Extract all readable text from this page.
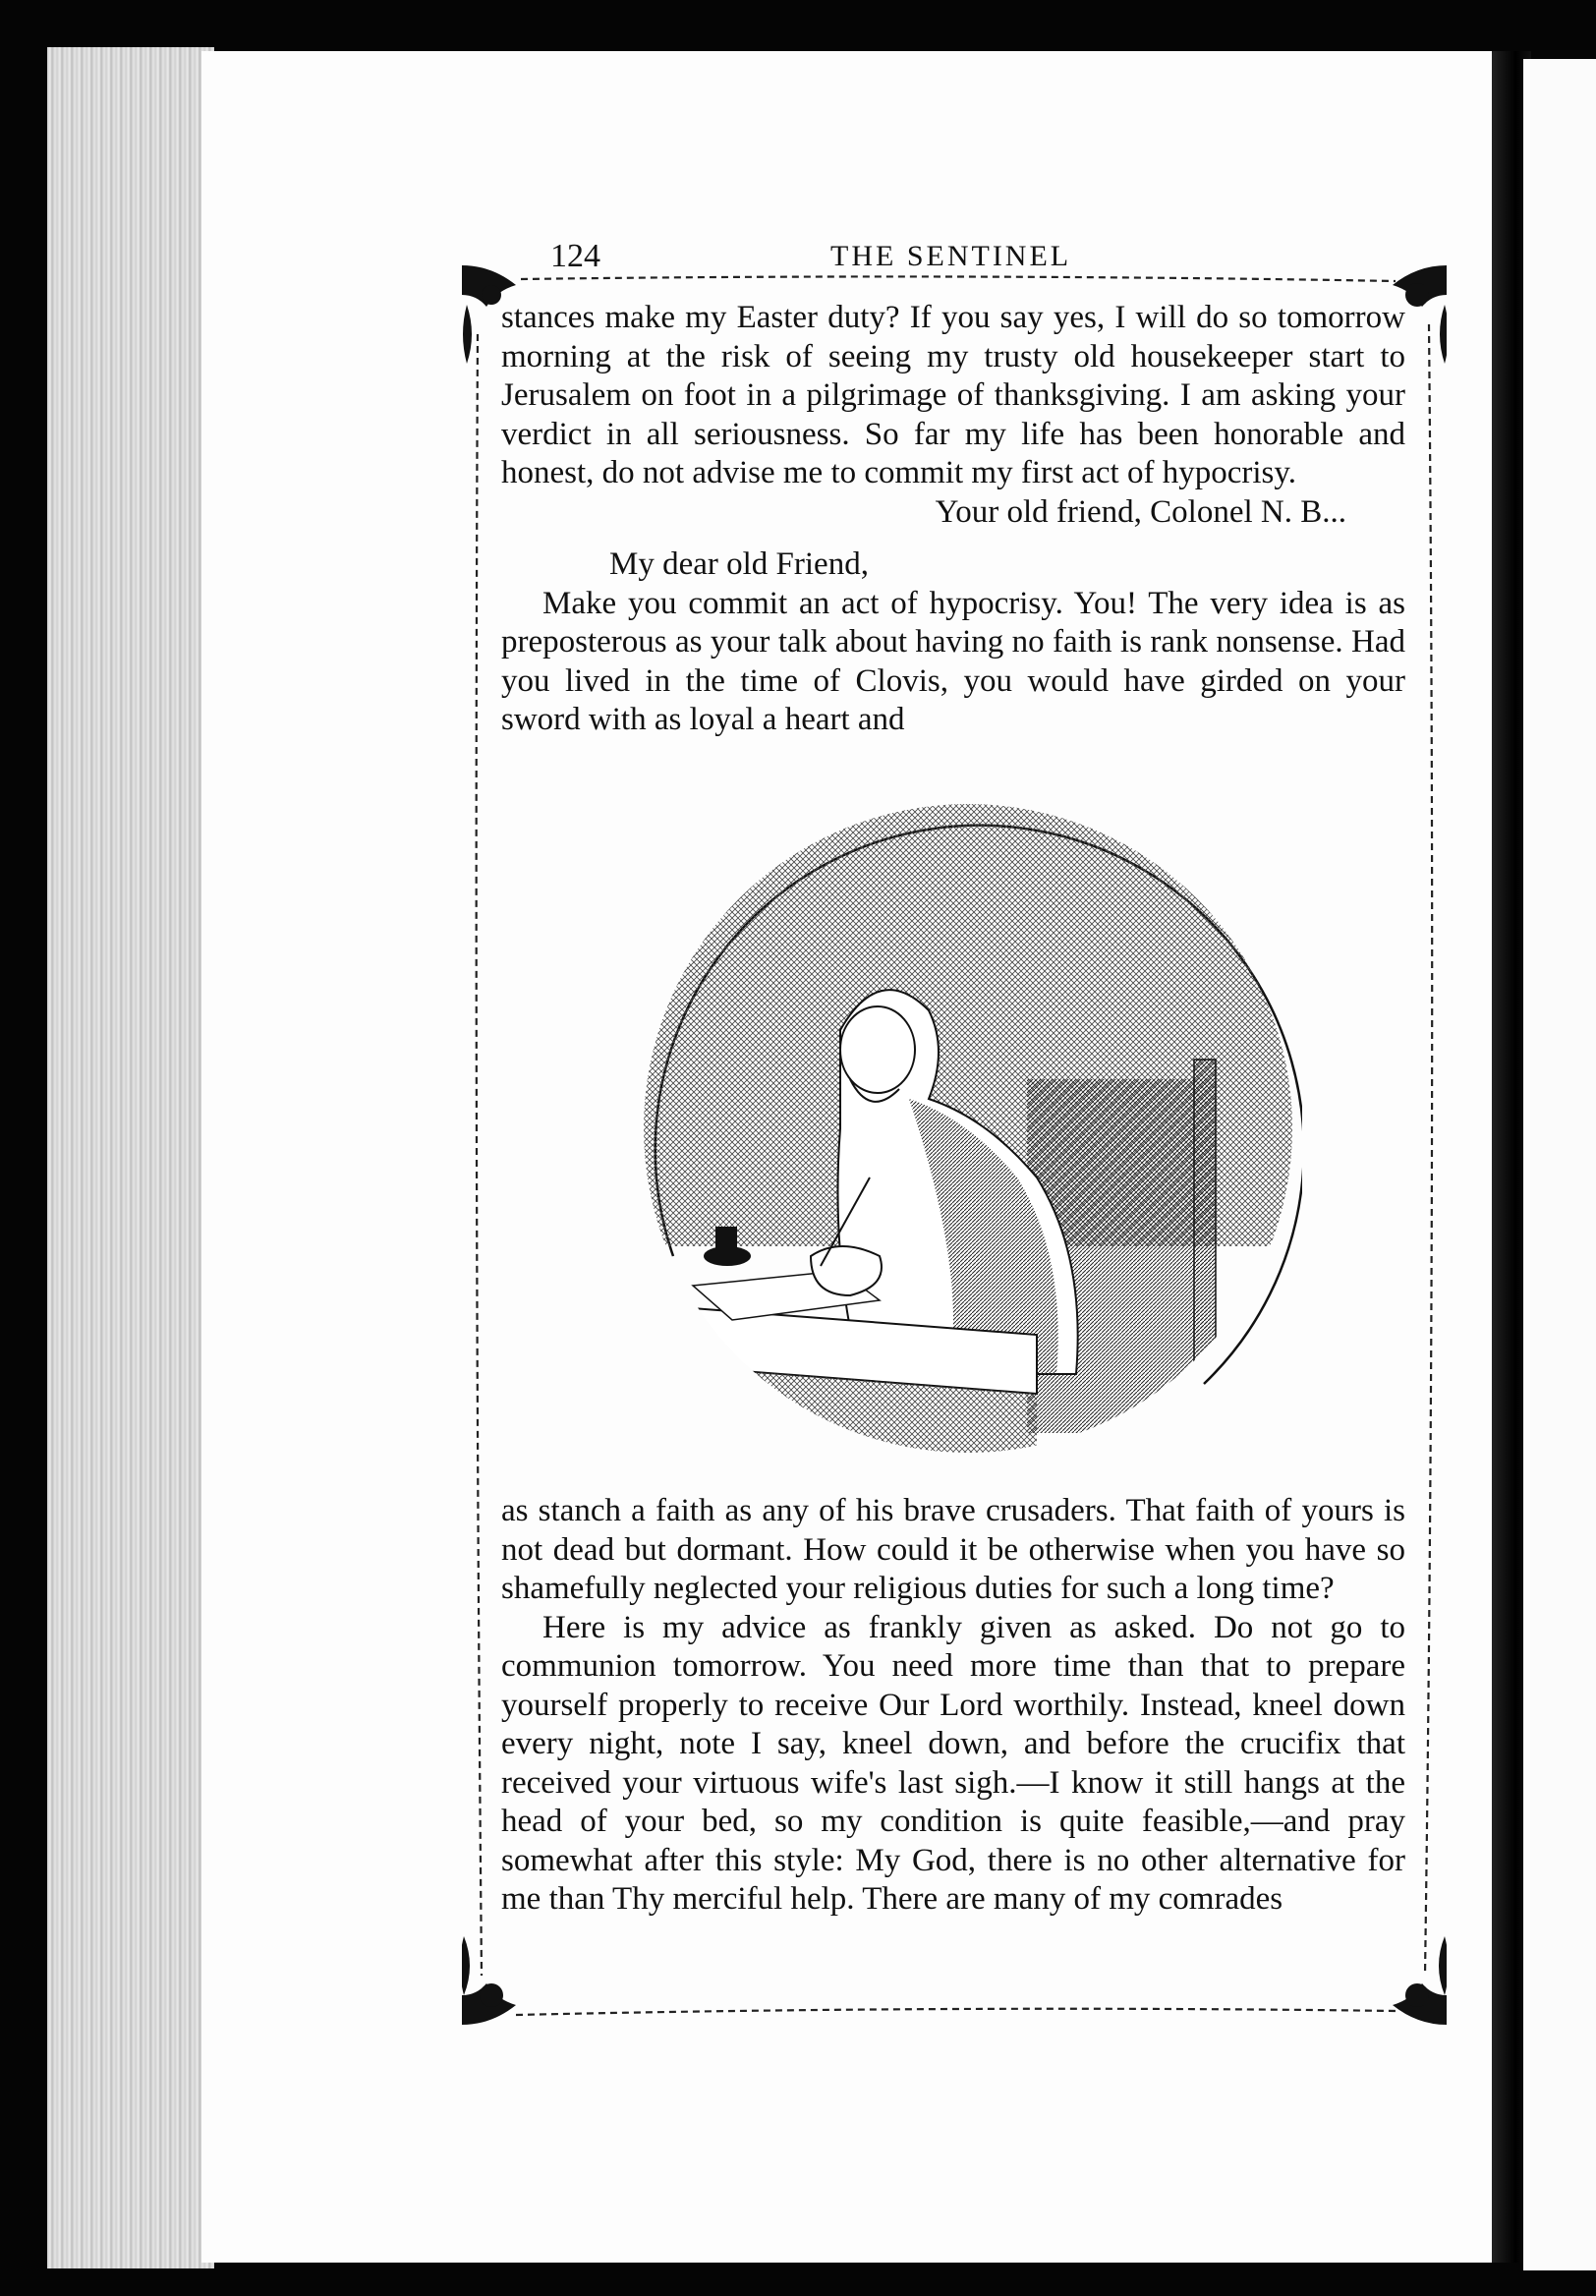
124	THE SENTINEL

stances make my Easter duty? If you say yes, I will do so tomorrow morning at the risk of seeing my trusty old housekeeper start to Jerusalem on foot in a pilgrimage of thanksgiving. I am asking your verdict in all seriousness. So far my life has been honorable and honest, do not advise me to commit my first act of hypocrisy.

Your old friend, Colonel N. B...

My dear old Friend,

Make you commit an act of hypocrisy. You! The very idea is as preposterous as your talk about having no faith is rank nonsense. Had you lived in the time of Clovis, you would have girded on your sword with as loyal a heart and

as stanch a faith as any of his brave crusaders. That faith of yours is not dead but dormant. How could it be otherwise when you have so shamefully neglected your religious duties for such a long time?

Here is my advice as frankly given as asked. Do not go to communion tomorrow. You need more time than that to prepare yourself properly to receive Our Lord worthily. Instead, kneel down every night, note I say, kneel down, and before the crucifix that received your virtuous wife's last sigh.—I know it still hangs at the head of your bed, so my condition is quite feasible,—and pray somewhat after this style: My God, there is no other alternative for me than Thy merciful help. There are many of my comrades
